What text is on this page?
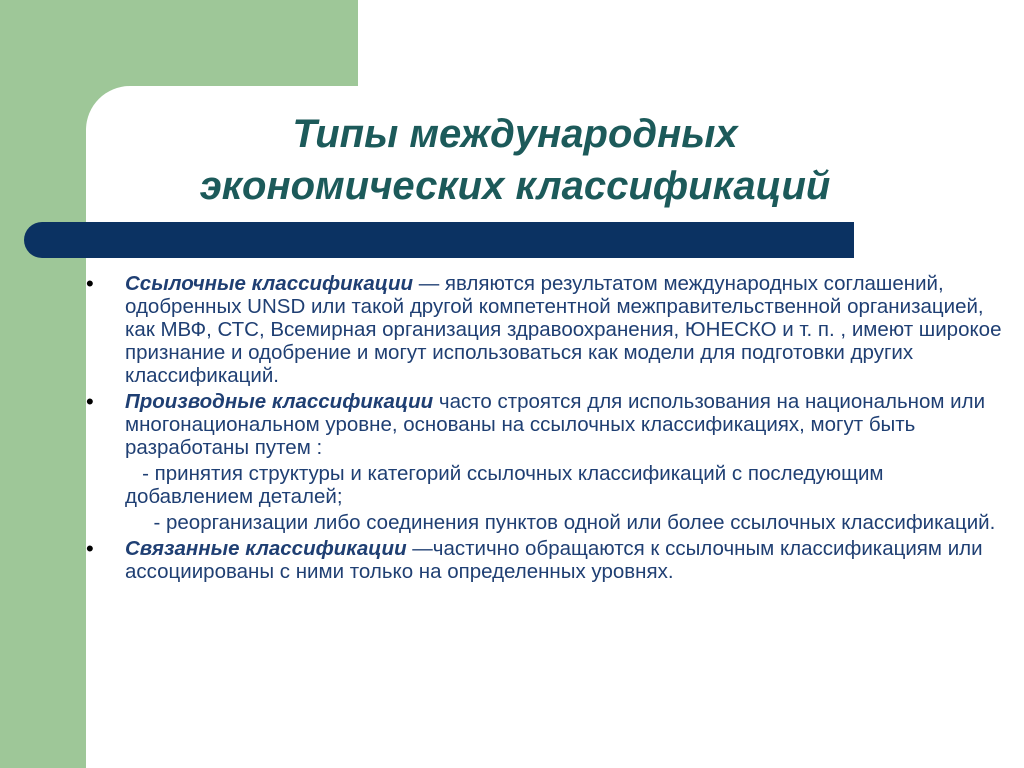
Типы международных
экономических классификаций

•
Ссылочные классификации — являются результатом международных соглашений, одобренных UNSD или такой другой компетентной межправительственной организацией, как МВФ, СТС, Всемирная организация здравоохранения, ЮНЕСКО и т. п. , имеют широкое признание и одобрение и могут использоваться как модели для подготовки других классификаций.

•
Производные классификации часто строятся для использования на национальном или многонациональном уровне, основаны на ссылочных классификациях, могут быть разработаны путем :

- принятия структуры и категорий ссылочных классификаций с последующим добавлением деталей;

- реорганизации либо соединения пунктов одной или более ссылочных классификаций.

•
Связанные классификации —частично обращаются к ссылочным классификациям или ассоциированы с ними только на определенных уровнях.
